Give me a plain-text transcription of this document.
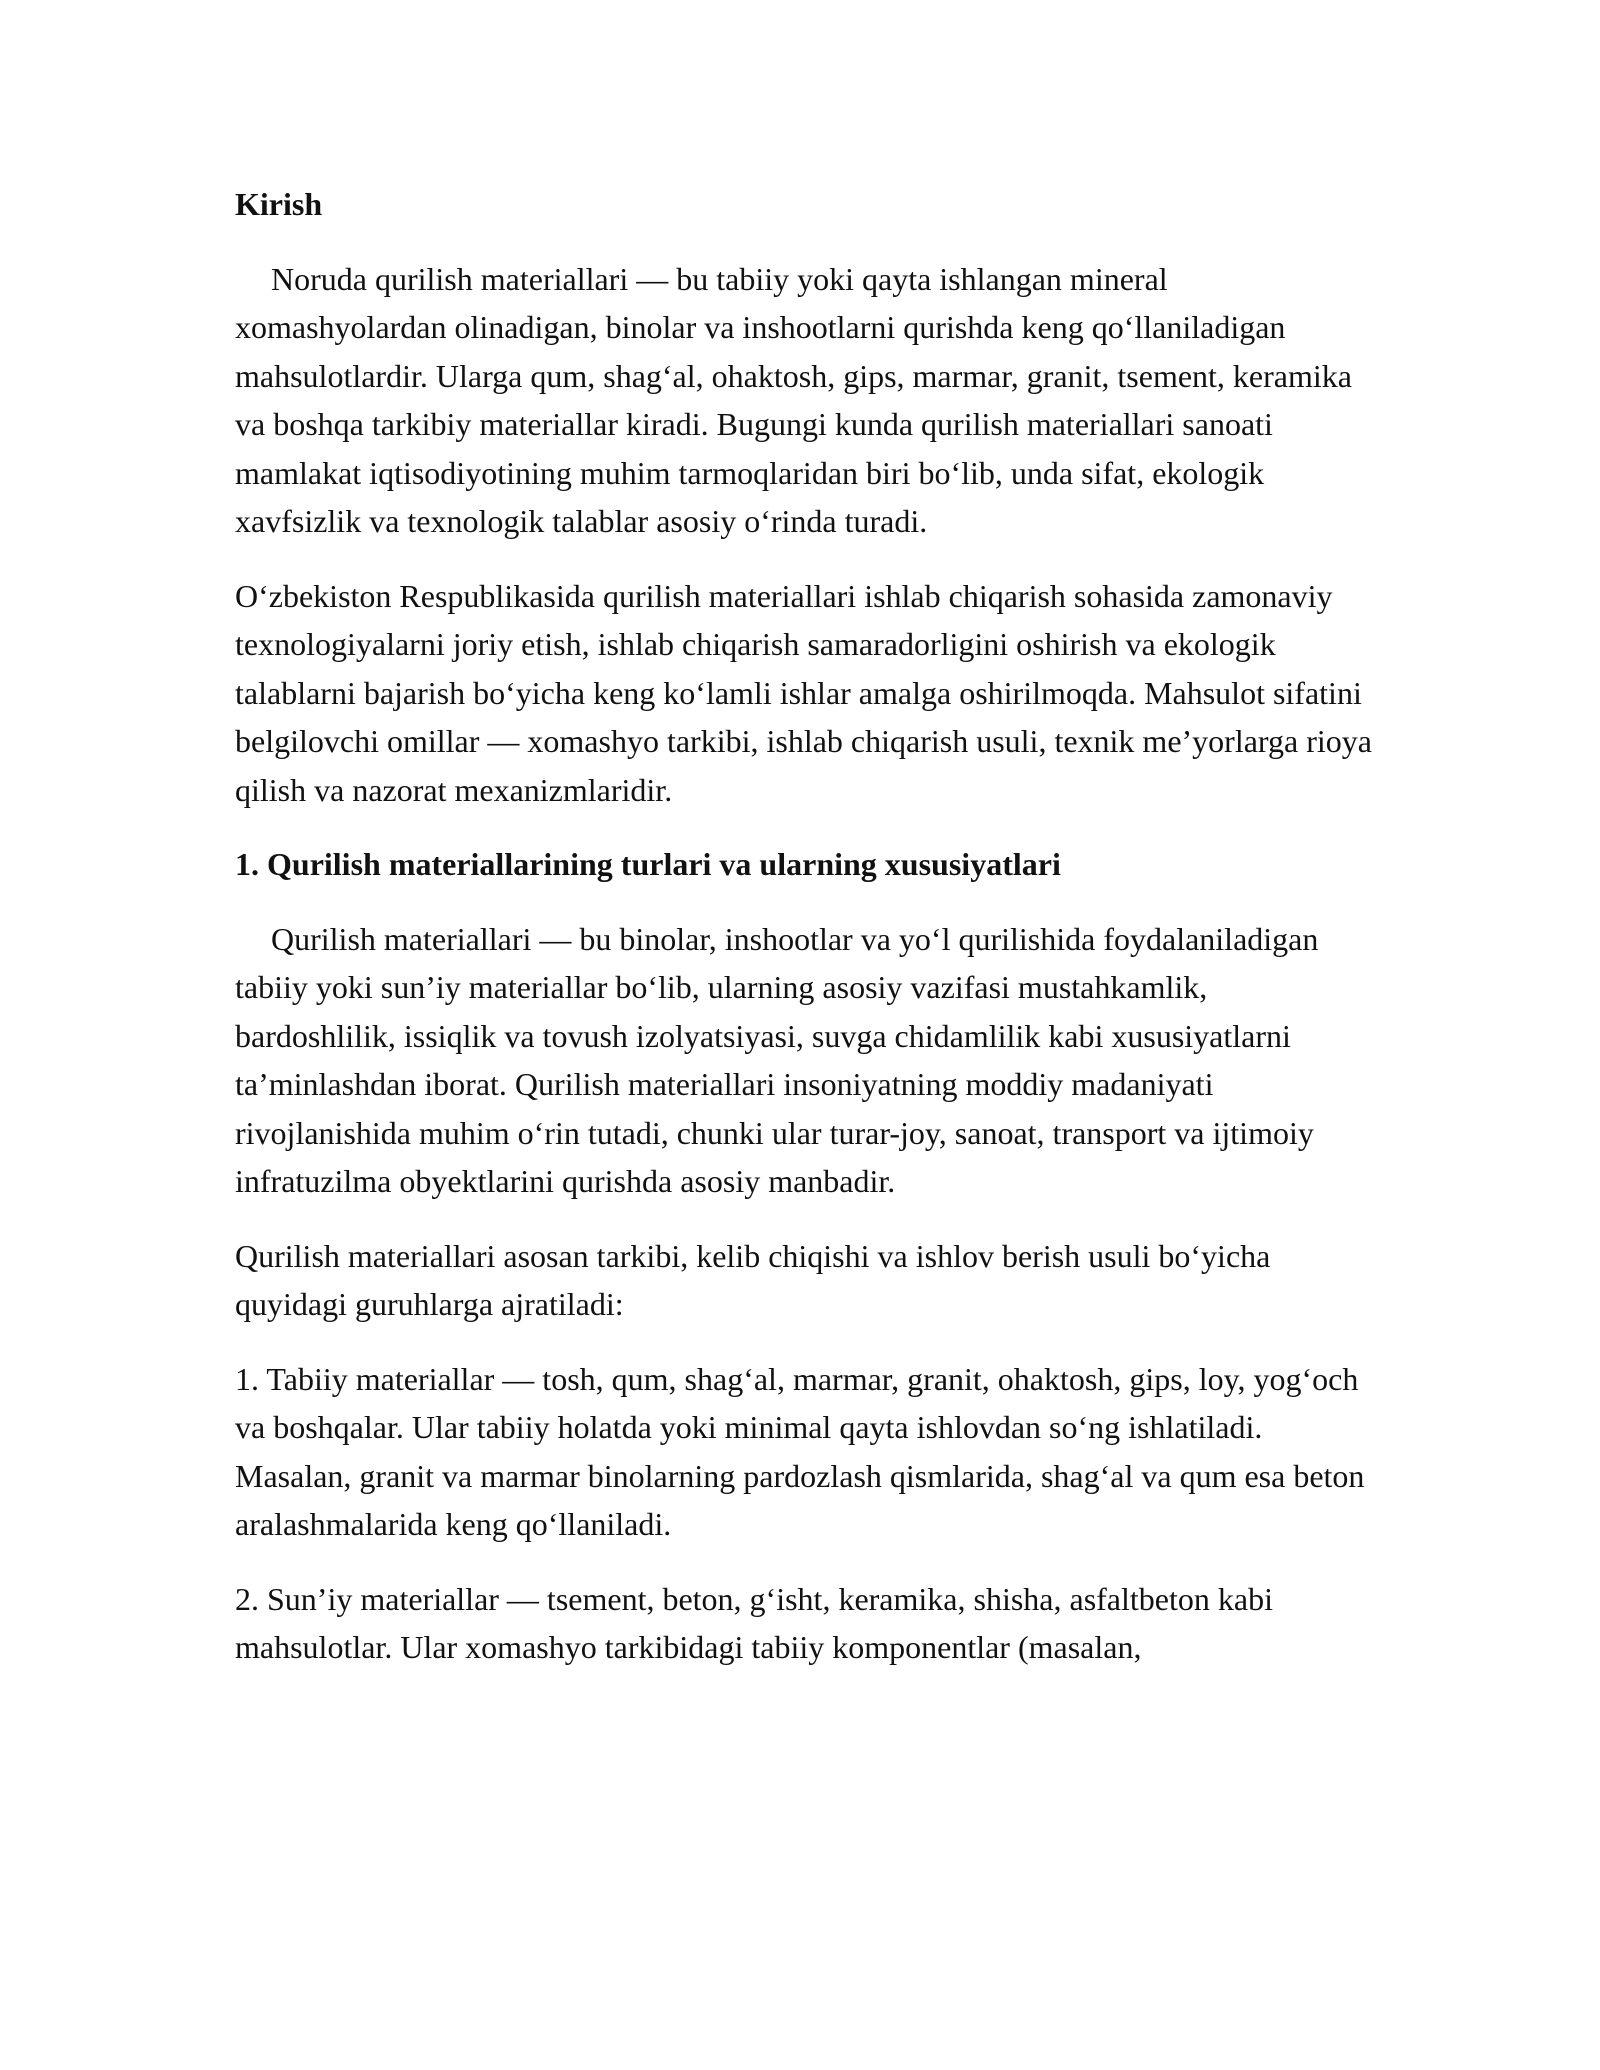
Kirish

Noruda qurilish materiallari — bu tabiiy yoki qayta ishlangan mineral xomashyolardan olinadigan, binolar va inshootlarni qurishda keng qo‘llaniladigan mahsulotlardir. Ularga qum, shag‘al, ohaktosh, gips, marmar, granit, tsement, keramika va boshqa tarkibiy materiallar kiradi. Bugungi kunda qurilish materiallari sanoati mamlakat iqtisodiyotining muhim tarmoqlaridan biri bo‘lib, unda sifat, ekologik xavfsizlik va texnologik talablar asosiy o‘rinda turadi.

O‘zbekiston Respublikasida qurilish materiallari ishlab chiqarish sohasida zamonaviy texnologiyalarni joriy etish, ishlab chiqarish samaradorligini oshirish va ekologik talablarni bajarish bo‘yicha keng ko‘lamli ishlar amalga oshirilmoqda. Mahsulot sifatini belgilovchi omillar — xomashyo tarkibi, ishlab chiqarish usuli, texnik me’yorlarga rioya qilish va nazorat mexanizmlaridir.

1. Qurilish materiallarining turlari va ularning xususiyatlari

Qurilish materiallari — bu binolar, inshootlar va yo‘l qurilishida foydalaniladigan tabiiy yoki sun’iy materiallar bo‘lib, ularning asosiy vazifasi mustahkamlik, bardoshlilik, issiqlik va tovush izolyatsiyasi, suvga chidamlilik kabi xususiyatlarni ta’minlashdan iborat. Qurilish materiallari insoniyatning moddiy madaniyati rivojlanishida muhim o‘rin tutadi, chunki ular turar-joy, sanoat, transport va ijtimoiy infratuzilma obyektlarini qurishda asosiy manbadir.

Qurilish materiallari asosan tarkibi, kelib chiqishi va ishlov berish usuli bo‘yicha quyidagi guruhlarga ajratiladi:

1. Tabiiy materiallar — tosh, qum, shag‘al, marmar, granit, ohaktosh, gips, loy, yog‘och va boshqalar. Ular tabiiy holatda yoki minimal qayta ishlovdan so‘ng ishlatiladi. Masalan, granit va marmar binolarning pardozlash qismlarida, shag‘al va qum esa beton aralashmalarida keng qo‘llaniladi.

2. Sun’iy materiallar — tsement, beton, g‘isht, keramika, shisha, asfaltbeton kabi mahsulotlar. Ular xomashyo tarkibidagi tabiiy komponentlar (masalan,
